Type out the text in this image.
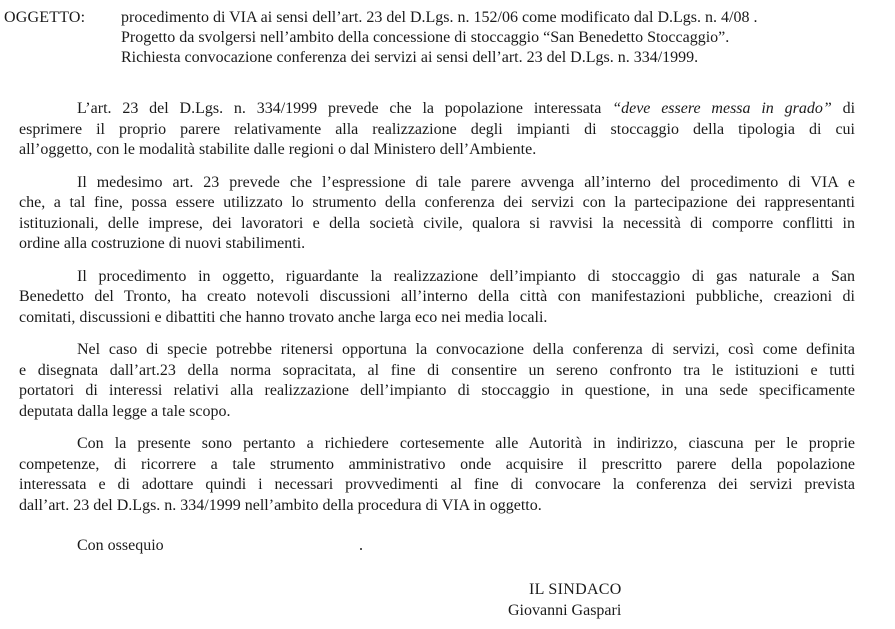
OGGETTO:	procedimento di VIA ai sensi dell’art. 23 del D.Lgs. n. 152/06 come modificato dal D.Lgs. n. 4/08 .
Progetto da svolgersi nell’ambito della concessione di stoccaggio “San Benedetto Stoccaggio”.
Richiesta convocazione conferenza dei servizi ai sensi dell’art. 23 del D.Lgs. n. 334/1999.
L’art. 23 del D.Lgs. n. 334/1999 prevede che la popolazione interessata “deve essere messa in grado” di
esprimere il proprio parere relativamente alla realizzazione degli impianti di stoccaggio della tipologia di cui
all’oggetto, con le modalità stabilite dalle regioni o dal Ministero dell’Ambiente.
Il medesimo art. 23 prevede che l’espressione di tale parere avvenga all’interno del procedimento di VIA e
che, a tal fine, possa essere utilizzato lo strumento della conferenza dei servizi con la partecipazione dei rappresentanti
istituzionali, delle imprese, dei lavoratori e della società civile, qualora si ravvisi la necessità di comporre conflitti in
ordine alla costruzione di nuovi stabilimenti.
Il procedimento in oggetto, riguardante la realizzazione dell’impianto di stoccaggio di gas naturale a San
Benedetto del Tronto, ha creato notevoli discussioni all’interno della città con manifestazioni pubbliche, creazioni di
comitati, discussioni e dibattiti che hanno trovato anche larga eco nei media locali.
Nel caso di specie potrebbe ritenersi opportuna la convocazione della conferenza di servizi, così come definita
e disegnata dall’art.23 della norma sopracitata, al fine di consentire un sereno confronto tra le istituzioni e tutti
portatori di interessi relativi alla realizzazione dell’impianto di stoccaggio in questione, in una sede specificamente
deputata dalla legge a tale scopo.
Con la presente sono pertanto a richiedere cortesemente alle Autorità in indirizzo, ciascuna per le proprie
competenze, di ricorrere a tale strumento amministrativo onde acquisire il prescritto parere della popolazione
interessata e di adottare quindi i necessari provvedimenti al fine di convocare la conferenza dei servizi prevista
dall’art. 23 del D.Lgs. n. 334/1999 nell’ambito della procedura di VIA in oggetto.
Con ossequio
IL SINDACO
Giovanni Gaspari
